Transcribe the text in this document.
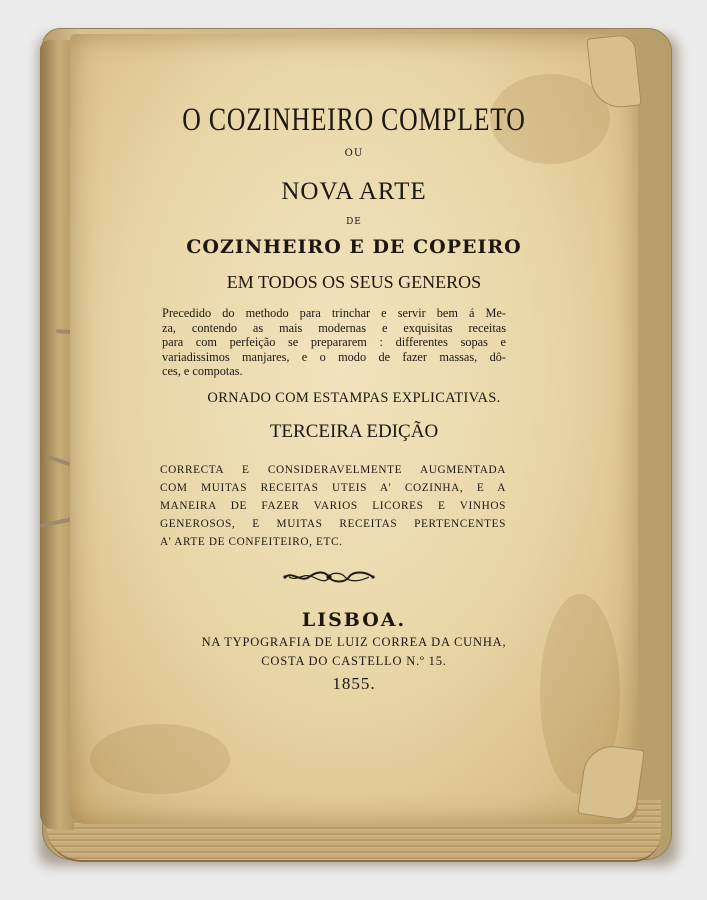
O COZINHEIRO COMPLETO
OU
NOVA ARTE
DE
COZINHEIRO E DE COPEIRO
EM TODOS OS SEUS GENEROS
Precedido do methodo para trinchar e servir bem á Me-
za, contendo as mais modernas e exquisitas receitas
para com perfeição se prepararem : differentes sopas e
variadissimos manjares, e o modo de fazer massas, dô-
ces, e compotas.
ORNADO COM ESTAMPAS EXPLICATIVAS.
TERCEIRA EDIÇÃO
CORRECTA E CONSIDERAVELMENTE AUGMENTADA
COM MUITAS RECEITAS UTEIS A' COZINHA, E A
MANEIRA DE FAZER VARIOS LICORES E VINHOS
GENEROSOS, E MUITAS RECEITAS PERTENCENTES
A' ARTE DE CONFEITEIRO, ETC.
LISBOA.
NA TYPOGRAFIA DE LUIZ CORREA DA CUNHA,
COSTA DO CASTELLO N.º 15.
1855.
